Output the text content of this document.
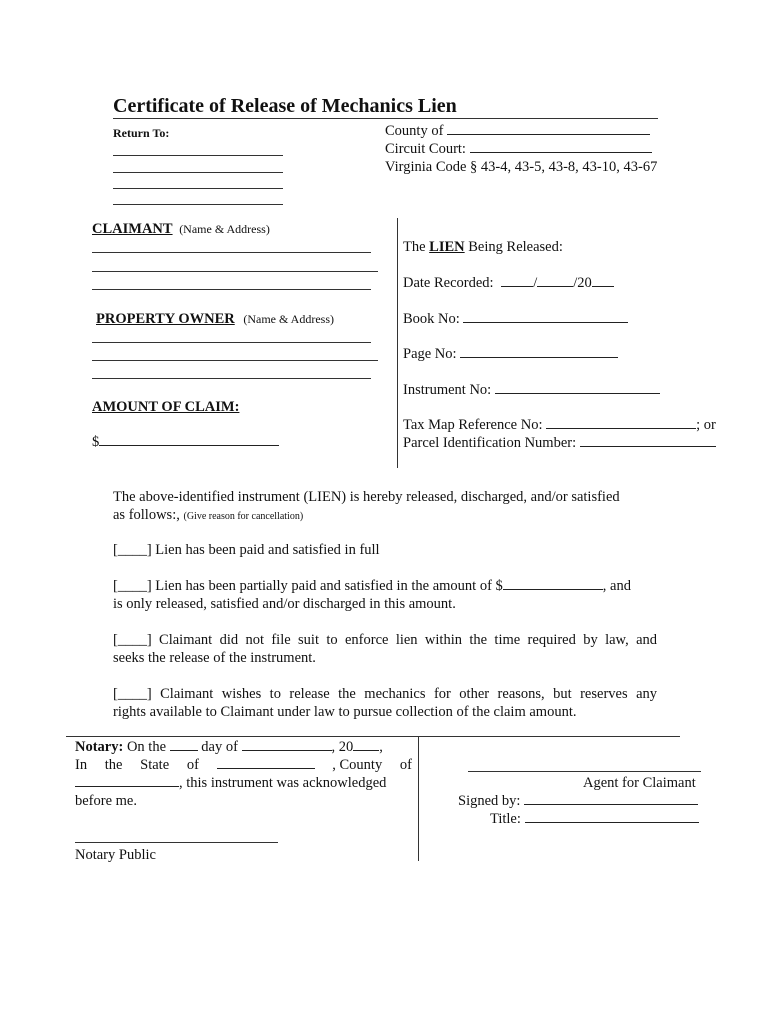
Certificate of Release of Mechanics Lien
Return To:	County of
Circuit Court:
Virginia Code § 43-4, 43-5, 43-8, 43-10, 43-67
CLAIMANT (Name & Address)
PROPERTY OWNER (Name & Address)
AMOUNT OF CLAIM:
$
The LIEN Being Released:
Date Recorded:	/ /20
Book No:
Page No:
Instrument No:
Tax Map Reference No:	; or
Parcel Identification Number:
The above-identified instrument (LIEN) is hereby released, discharged, and/or satisfied
as follows:, (Give reason for cancellation)
[____] Lien has been paid and satisfied in full
[____] Lien has been partially paid and satisfied in the amount of $	, and
is only released, satisfied and/or discharged in this amount.
[____] Claimant did not file suit to enforce lien within the time required by law, and
seeks the release of the instrument.
[____] Claimant wishes to release the mechanics for other reasons, but reserves any
rights available to Claimant under law to pursue collection of the claim amount.
Notary: On the day of	, 20 ,
In the State of	, County of
, this instrument was acknowledged
before me.
Notary Public
Agent for Claimant
Signed by:
Title:
